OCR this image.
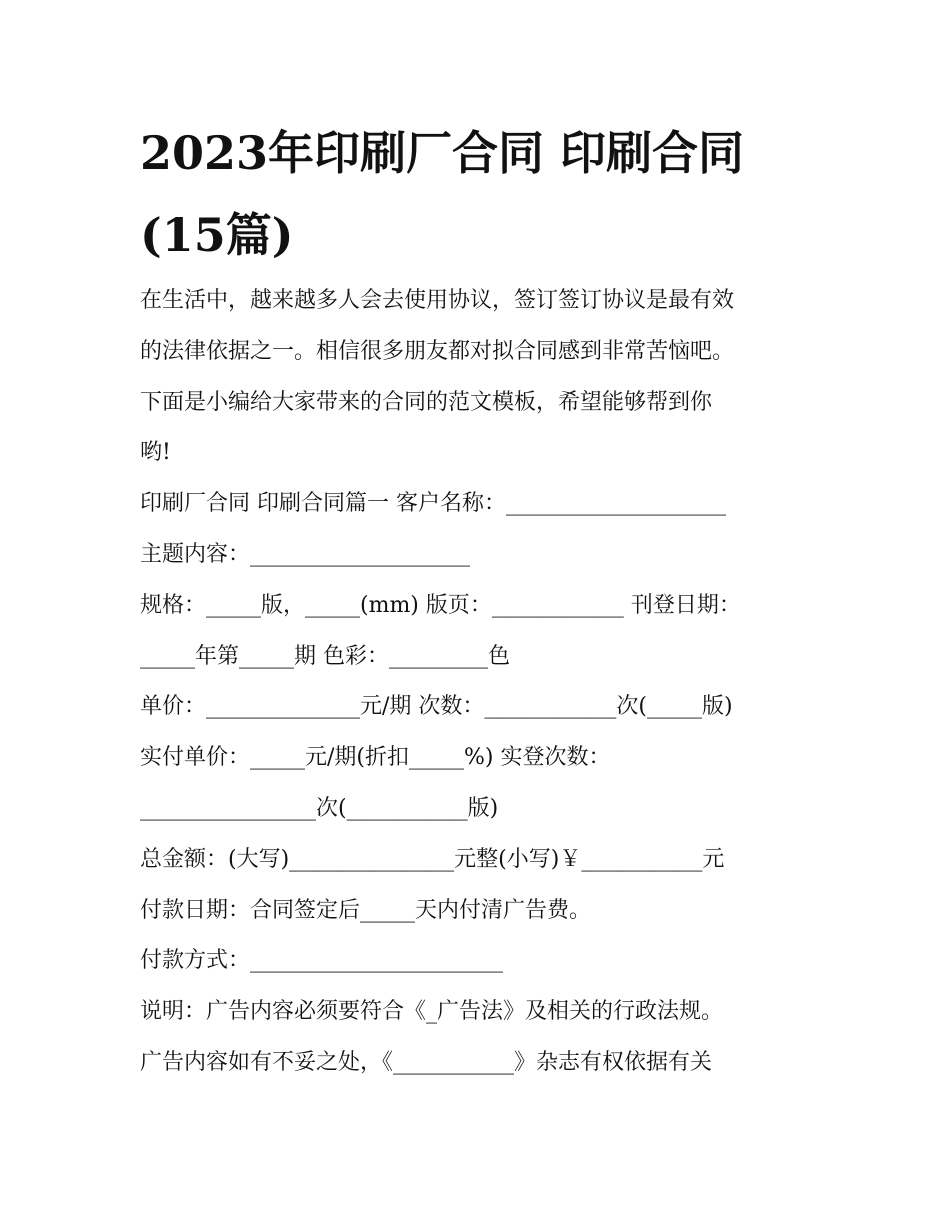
2023年印刷厂合同 印刷合同
(15篇)
在生活中，越来越多人会去使用协议，签订签订协议是最有效
的法律依据之一。相信很多朋友都对拟合同感到非常苦恼吧。
下面是小编给大家带来的合同的范文模板，希望能够帮到你
哟!
印刷厂合同 印刷合同篇一 客户名称：____________________
主题内容：____________________
规格：_____版，_____(mm) 版页：____________ 刊登日期：
_____年第_____期 色彩：_________色
单价：______________元/期 次数：____________次(_____版)
实付单价：_____元/期(折扣_____%) 实登次数：
________________次(___________版)
总金额：(大写)_______________元整(小写)￥___________元
付款日期：合同签定后_____天内付清广告费。
付款方式：_______________________
说明：广告内容必须要符合《_广告法》及相关的行政法规。
广告内容如有不妥之处，《___________》杂志有权依据有关
